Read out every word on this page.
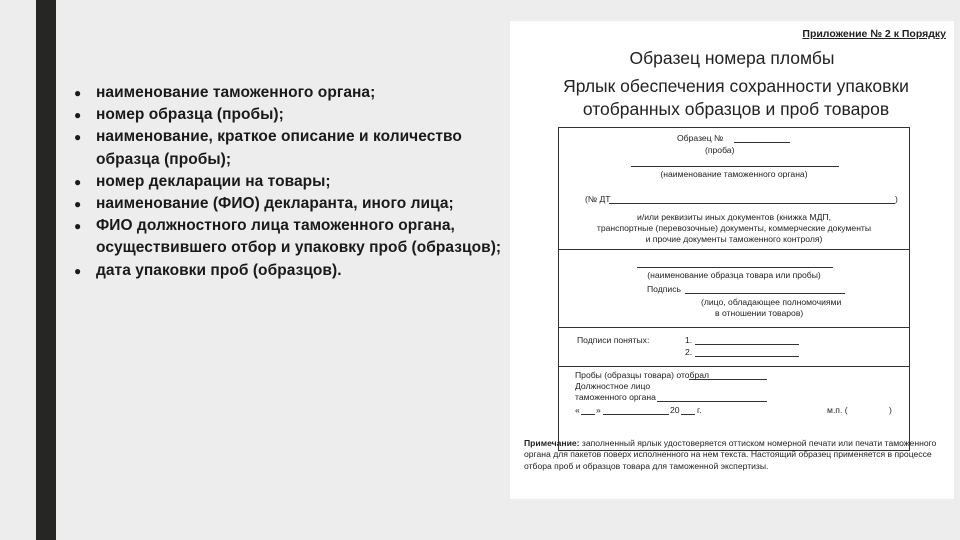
● наименование таможенного органа;
● номер образца (пробы);
● наименование, краткое описание и количество образца (пробы);
● номер декларации на товары;
● наименование (ФИО) декларанта, иного лица;
● ФИО должностного лица таможенного органа, осуществившего отбор и упаковку проб (образцов);
● дата упаковки проб (образцов).
Приложение № 2 к Порядку
Образец номера пломбы
Ярлык обеспечения сохранности упаковки отобранных образцов и проб товаров
Образец №
(проба)
(наименование таможенного органа)
(№ ДТ	)
и/или реквизиты иных документов (книжка МДП,
транспортные (перевозочные) документы, коммерческие документы
и прочие документы таможенного контроля)
(наименование образца товара или пробы)
Подпись
(лицо, обладающее полномочиями
в отношении товаров)
Подписи понятых:	1.
2.
Пробы (образцы товара) отобрал
Должностное лицо
таможенного органа
« »	20 г.	м.п. (	)
Примечание: заполненный ярлык удостоверяется оттиском номерной печати или печати таможенного органа для пакетов поверх исполненного на нем текста. Настоящий образец применяется в процессе отбора проб и образцов товара для таможенной экспертизы.
